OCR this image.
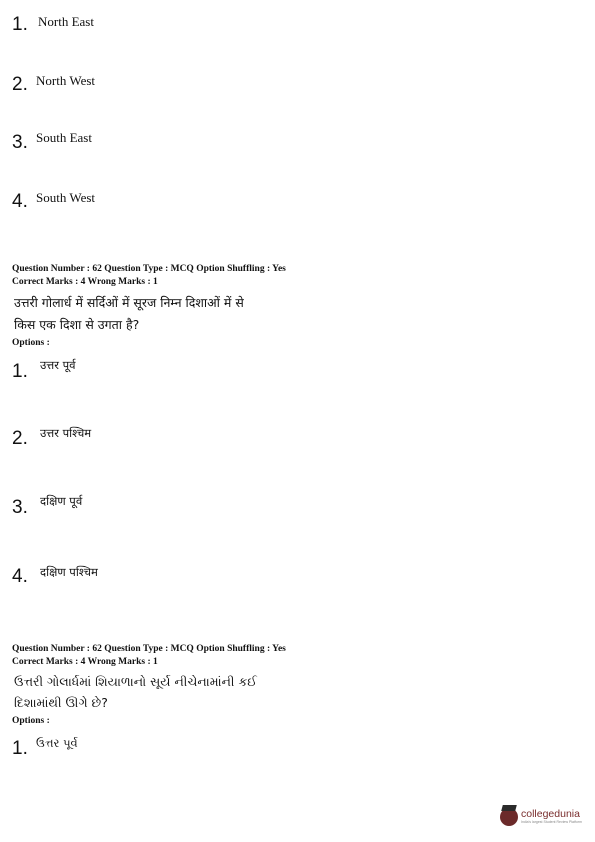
1. North East
2. North West
3. South East
4. South West
Question Number : 62 Question Type : MCQ Option Shuffling : Yes
Correct Marks : 4 Wrong Marks : 1
उत्तरी गोलार्ध में सर्दिओं में सूरज निम्न दिशाओं में से
किस एक दिशा से उगता है?
Options :
1. उत्तर पूर्व
2. उत्तर पश्चिम
3. दक्षिण पूर्व
4. दक्षिण पश्चिम
Question Number : 62 Question Type : MCQ Option Shuffling : Yes
Correct Marks : 4 Wrong Marks : 1
ઉત્તરી ગોલાર્ધમાં શિયાળાનો સૂર્ય નીચેનામાંની કઈ
દિશામાંથી ઊગે છે?
Options :
1. ઉત્તર પૂર્વ
collegedunia
India's largest Student Review Platform
